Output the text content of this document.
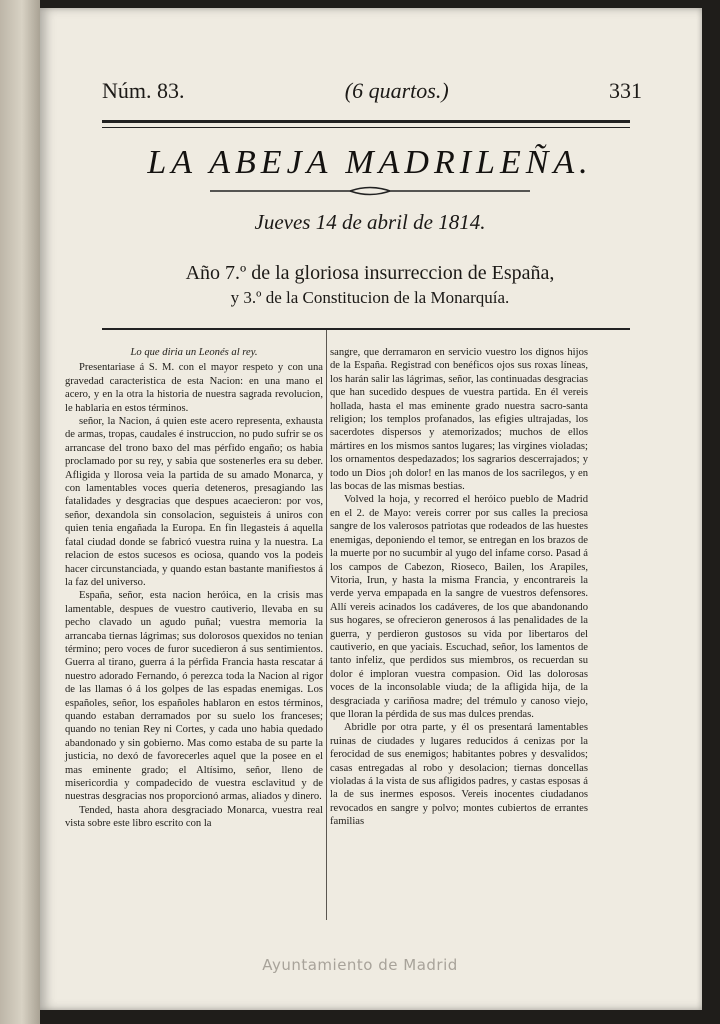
Núm. 83.	(6 quartos.)	331
LA ABEJA MADRILEÑA.
Jueves 14 de abril de 1814.
Año 7.º de la gloriosa insurreccion de España,
y 3.º de la Constitucion de la Monarquía.
Lo que diria un Leonés al rey.

Presentariase á S. M. con el mayor respeto y con una gravedad caracteristica de esta Nacion: en una mano el acero, y en la otra la historia de nuestra sagrada revolucion, le hablaria en estos términos.

señor, la Nacion, á quien este acero representa, exhausta de armas, tropas, caudales é instruccion, no pudo sufrir se os arrancase del trono baxo del mas pérfido engaño; os habia proclamado por su rey, y sabia que sostenerles era su deber. Afligida y llorosa veia la partida de su amado Monarca, y con lamentables voces queria deteneros, presagiando las fatalidades y desgracias que despues acaecieron: por vos, señor, dexandola sin consolacion, seguisteis á uniros con quien tenia engañada la Europa. En fin llegasteis á aquella fatal ciudad donde se fabricó vuestra ruina y la nuestra. La relacion de estos sucesos es ociosa, quando vos la podeis hacer circunstanciada, y quando estan bastante manifiestos á la faz del universo.

España, señor, esta nacion heróica, en la crisis mas lamentable, despues de vuestro cautiverio, llevaba en su pecho clavado un agudo puñal; vuestra memoria la arrancaba tiernas lágrimas; sus dolorosos quexidos no tenian término; pero voces de furor sucedieron á sus sentimientos. Guerra al tirano, guerra á la pérfida Francia hasta rescatar á nuestro adorado Fernando, ó perezca toda la Nacion al rigor de las llamas ó á los golpes de las espadas enemigas. Los españoles, señor, los españoles hablaron en estos términos, quando estaban derramados por su suelo los franceses; quando no tenian Rey ni Cortes, y cada uno habia quedado abandonado y sin gobierno. Mas como estaba de su parte la justicia, no dexó de favorecerles aquel que la posee en el mas eminente grado; el Altísimo, señor, lleno de misericordia y compadecido de vuestra esclavitud y de nuestras desgracias nos proporcionó armas, aliados y dinero.

Tended, hasta ahora desgraciado Monarca, vuestra real vista sobre este libro escrito con la

sangre, que derramaron en servicio vuestro los dignos hijos de la España. Registrad con benéficos ojos sus roxas líneas, los harán salir las lágrimas, señor, las continuadas desgracias que han sucedido despues de vuestra partida. En él vereis hollada, hasta el mas eminente grado nuestra sacro-santa religion; los templos profanados, las efigies ultrajadas, los sacerdotes dispersos y atemorizados; muchos de ellos mártires en los mismos santos lugares; las virgines violadas; los ornamentos despedazados; los sagrarios descerrajados; y todo un Dios ¡oh dolor! en las manos de los sacrilegos, y en las bocas de las mismas bestias.

Volved la hoja, y recorred el heróico pueblo de Madrid en el 2. de Mayo: vereis correr por sus calles la preciosa sangre de los valerosos patriotas que rodeados de las huestes enemigas, deponiendo el temor, se entregan en los brazos de la muerte por no sucumbir al yugo del infame corso. Pasad á los campos de Cabezon, Rioseco, Bailen, los Arapiles, Vitoria, Irun, y hasta la misma Francia, y encontrareis la verde yerva empapada en la sangre de vuestros defensores. Allí vereis acinados los cadáveres, de los que abandonando sus hogares, se ofrecieron generosos á las penalidades de la guerra, y perdieron gustosos su vida por libertaros del cautiverio, en que yaciais. Escuchad, señor, los lamentos de tanto infeliz, que perdidos sus miembros, os recuerdan su dolor é imploran vuestra compasion. Oid las dolorosas voces de la inconsolable viuda; de la afligida hija, de la desgraciada y cariñosa madre; del trémulo y canoso viejo, que lloran la pérdida de sus mas dulces prendas.

Abridle por otra parte, y él os presentará lamentables ruinas de ciudades y lugares reducidos á cenizas por la ferocidad de sus enemigos; habitantes pobres y desvalidos; casas entregadas al robo y desolacion; tiernas doncellas violadas á la vista de sus afligidos padres, y castas esposas á la de sus inermes esposos. Vereis inocentes ciudadanos revocados en sangre y polvo; montes cubiertos de errantes familias

Ayuntamiento de Madrid
